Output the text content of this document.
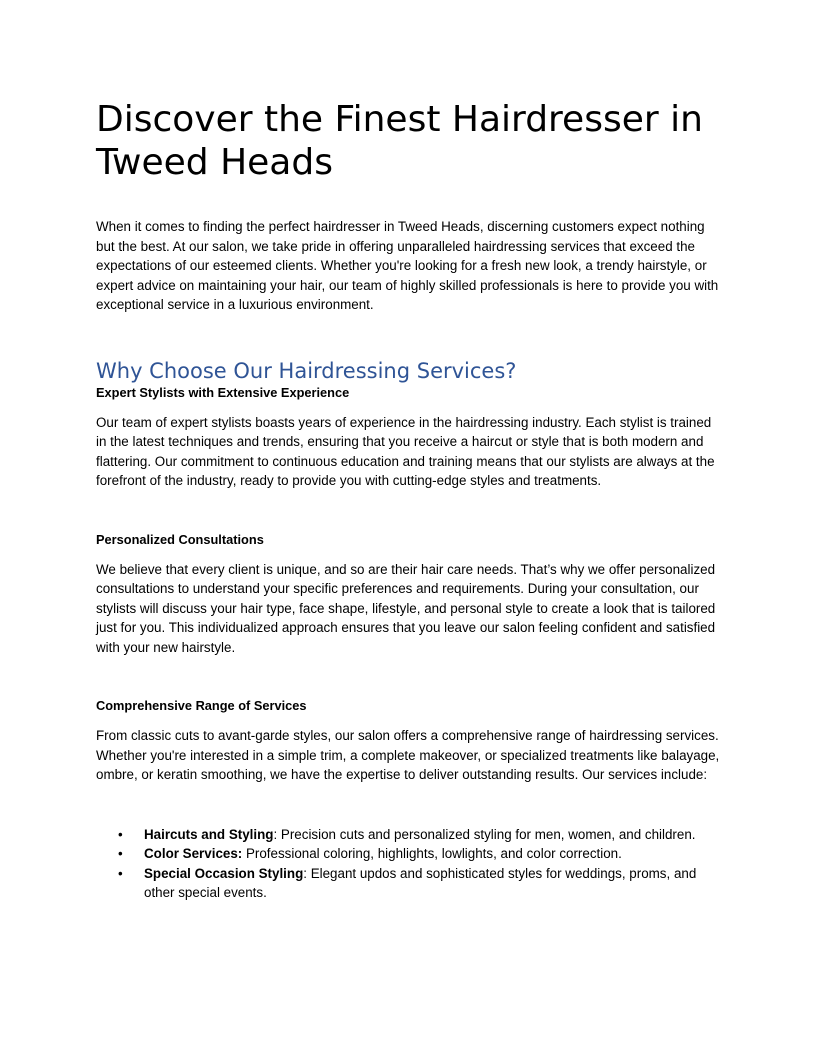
Discover the Finest Hairdresser in Tweed Heads

When it comes to finding the perfect hairdresser in Tweed Heads, discerning customers expect nothing but the best. At our salon, we take pride in offering unparalleled hairdressing services that exceed the expectations of our esteemed clients. Whether you're looking for a fresh new look, a trendy hairstyle, or expert advice on maintaining your hair, our team of highly skilled professionals is here to provide you with exceptional service in a luxurious environment.

Why Choose Our Hairdressing Services?
Expert Stylists with Extensive Experience

Our team of expert stylists boasts years of experience in the hairdressing industry. Each stylist is trained in the latest techniques and trends, ensuring that you receive a haircut or style that is both modern and flattering. Our commitment to continuous education and training means that our stylists are always at the forefront of the industry, ready to provide you with cutting-edge styles and treatments.

Personalized Consultations

We believe that every client is unique, and so are their hair care needs. That’s why we offer personalized consultations to understand your specific preferences and requirements. During your consultation, our stylists will discuss your hair type, face shape, lifestyle, and personal style to create a look that is tailored just for you. This individualized approach ensures that you leave our salon feeling confident and satisfied with your new hairstyle.

Comprehensive Range of Services

From classic cuts to avant-garde styles, our salon offers a comprehensive range of hairdressing services. Whether you're interested in a simple trim, a complete makeover, or specialized treatments like balayage, ombre, or keratin smoothing, we have the expertise to deliver outstanding results. Our services include:

• Haircuts and Styling: Precision cuts and personalized styling for men, women, and children.
• Color Services: Professional coloring, highlights, lowlights, and color correction.
• Special Occasion Styling: Elegant updos and sophisticated styles for weddings, proms, and other special events.
